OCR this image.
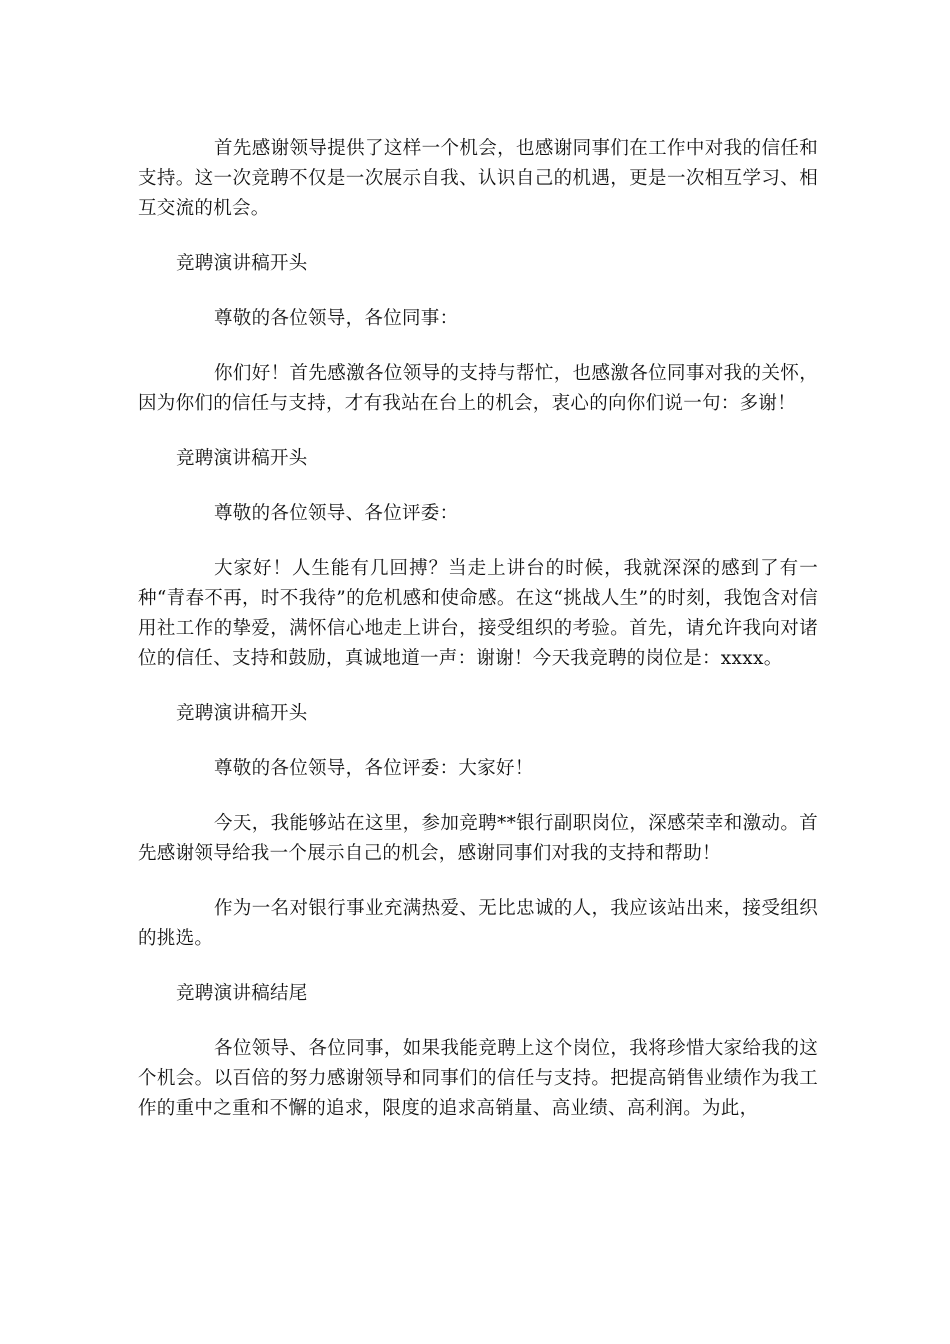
首先感谢领导提供了这样一个机会，也感谢同事们在工作中对我的信任和支持。这一次竞聘不仅是一次展示自我、认识自己的机遇，更是一次相互学习、相互交流的机会。

竞聘演讲稿开头

尊敬的各位领导，各位同事：

你们好！首先感激各位领导的支持与帮忙，也感激各位同事对我的关怀，因为你们的信任与支持，才有我站在台上的机会，衷心的向你们说一句：多谢！

竞聘演讲稿开头

尊敬的各位领导、各位评委：

大家好！人生能有几回搏？当走上讲台的时候，我就深深的感到了有一种“青春不再，时不我待”的危机感和使命感。在这“挑战人生”的时刻，我饱含对信用社工作的挚爱，满怀信心地走上讲台，接受组织的考验。首先，请允许我向对诸位的信任、支持和鼓励，真诚地道一声：谢谢！今天我竞聘的岗位是：xxxx。

竞聘演讲稿开头

尊敬的各位领导，各位评委：大家好！

今天，我能够站在这里，参加竞聘**银行副职岗位，深感荣幸和激动。首先感谢领导给我一个展示自己的机会，感谢同事们对我的支持和帮助！

作为一名对银行事业充满热爱、无比忠诚的人，我应该站出来，接受组织的挑选。

竞聘演讲稿结尾

各位领导、各位同事，如果我能竞聘上这个岗位，我将珍惜大家给我的这个机会。以百倍的努力感谢领导和同事们的信任与支持。把提高销售业绩作为我工作的重中之重和不懈的追求，限度的追求高销量、高业绩、高利润。为此，
